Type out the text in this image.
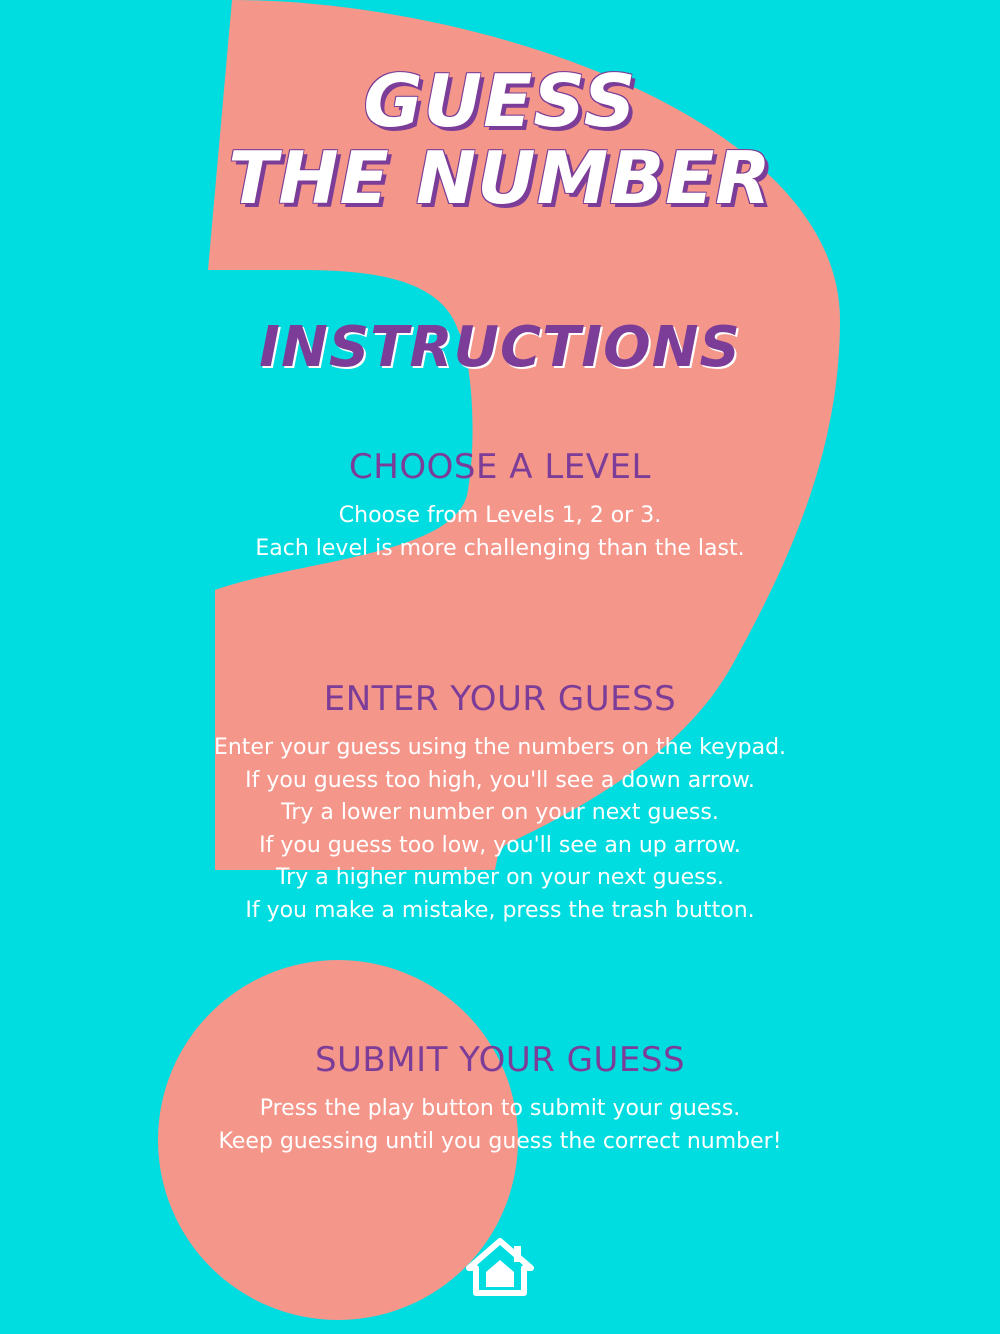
GUESS
THE NUMBER
INSTRUCTIONS
CHOOSE A LEVEL
Choose from Levels 1, 2 or 3.
Each level is more challenging than the last.
ENTER YOUR GUESS
Enter your guess using the numbers on the keypad.
If you guess too high, you'll see a down arrow.
Try a lower number on your next guess.
If you guess too low, you'll see an up arrow.
Try a higher number on your next guess.
If you make a mistake, press the trash button.
SUBMIT YOUR GUESS
Press the play button to submit your guess.
Keep guessing until you guess the correct number!
